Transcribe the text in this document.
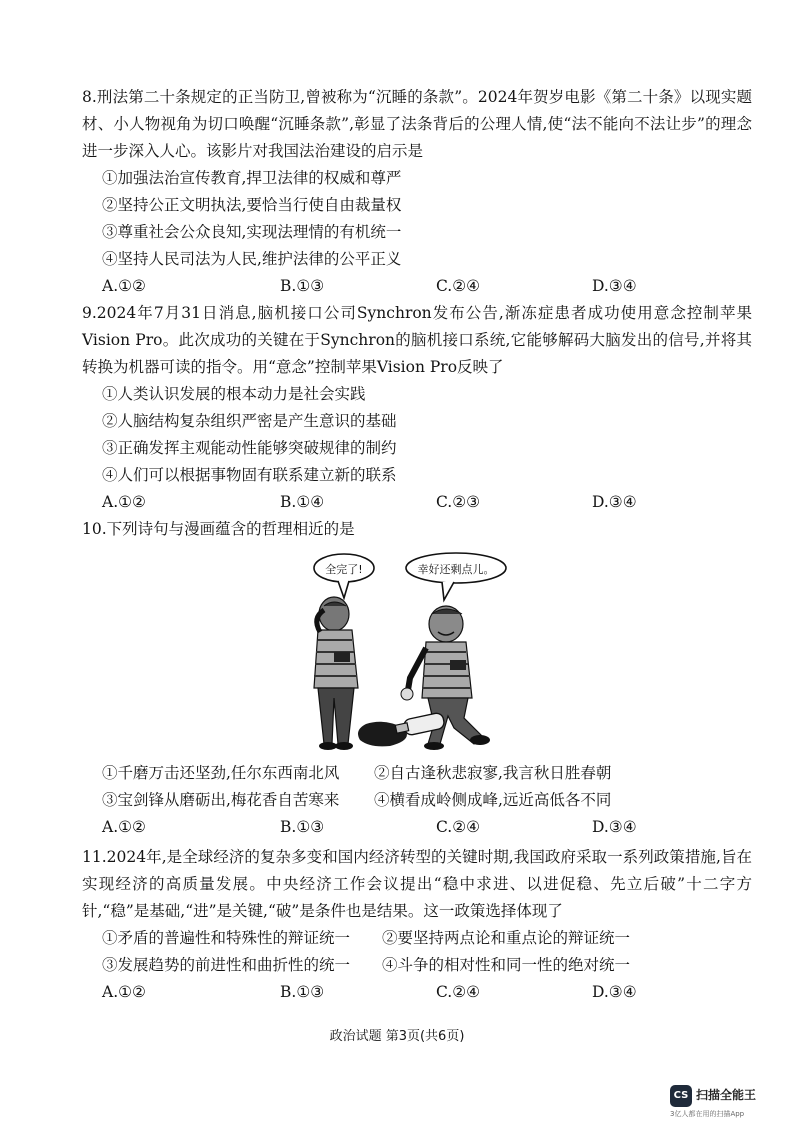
8.刑法第二十条规定的正当防卫,曾被称为“沉睡的条款”。2024年贺岁电影《第二十条》以现实题材、小人物视角为切口唤醒“沉睡条款”,彰显了法条背后的公理人情,使“法不能向不法让步”的理念进一步深入人心。该影片对我国法治建设的启示是
①加强法治宣传教育,捍卫法律的权威和尊严
②坚持公正文明执法,要恰当行使自由裁量权
③尊重社会公众良知,实现法理情的有机统一
④坚持人民司法为人民,维护法律的公平正义
A.①②	B.①③	C.②④	D.③④
9.2024年7月31日消息,脑机接口公司Synchron发布公告,渐冻症患者成功使用意念控制苹果Vision Pro。此次成功的关键在于Synchron的脑机接口系统,它能够解码大脑发出的信号,并将其转换为机器可读的指令。用“意念”控制苹果Vision Pro反映了
①人类认识发展的根本动力是社会实践
②人脑结构复杂组织严密是产生意识的基础
③正确发挥主观能动性能够突破规律的制约
④人们可以根据事物固有联系建立新的联系
A.①②	B.①④	C.②③	D.③④
10.下列诗句与漫画蕴含的哲理相近的是
全完了!	幸好还剩点儿。
①千磨万击还坚劲,任尔东西南北风 ②自古逢秋悲寂寥,我言秋日胜春朝
③宝剑锋从磨砺出,梅花香自苦寒来 ④横看成岭侧成峰,远近高低各不同
A.①②	B.①③	C.②④	D.③④
11.2024年,是全球经济的复杂多变和国内经济转型的关键时期,我国政府采取一系列政策措施,旨在实现经济的高质量发展。中央经济工作会议提出“稳中求进、以进促稳、先立后破”十二字方针,“稳”是基础,“进”是关键,“破”是条件也是结果。这一政策选择体现了
①矛盾的普遍性和特殊性的辩证统一 ②要坚持两点论和重点论的辩证统一
③发展趋势的前进性和曲折性的统一 ④斗争的相对性和同一性的绝对统一
A.①②	B.①③	C.②④	D.③④
政治试题 第3页(共6页)
CS 扫描全能王
3亿人都在用的扫描App
